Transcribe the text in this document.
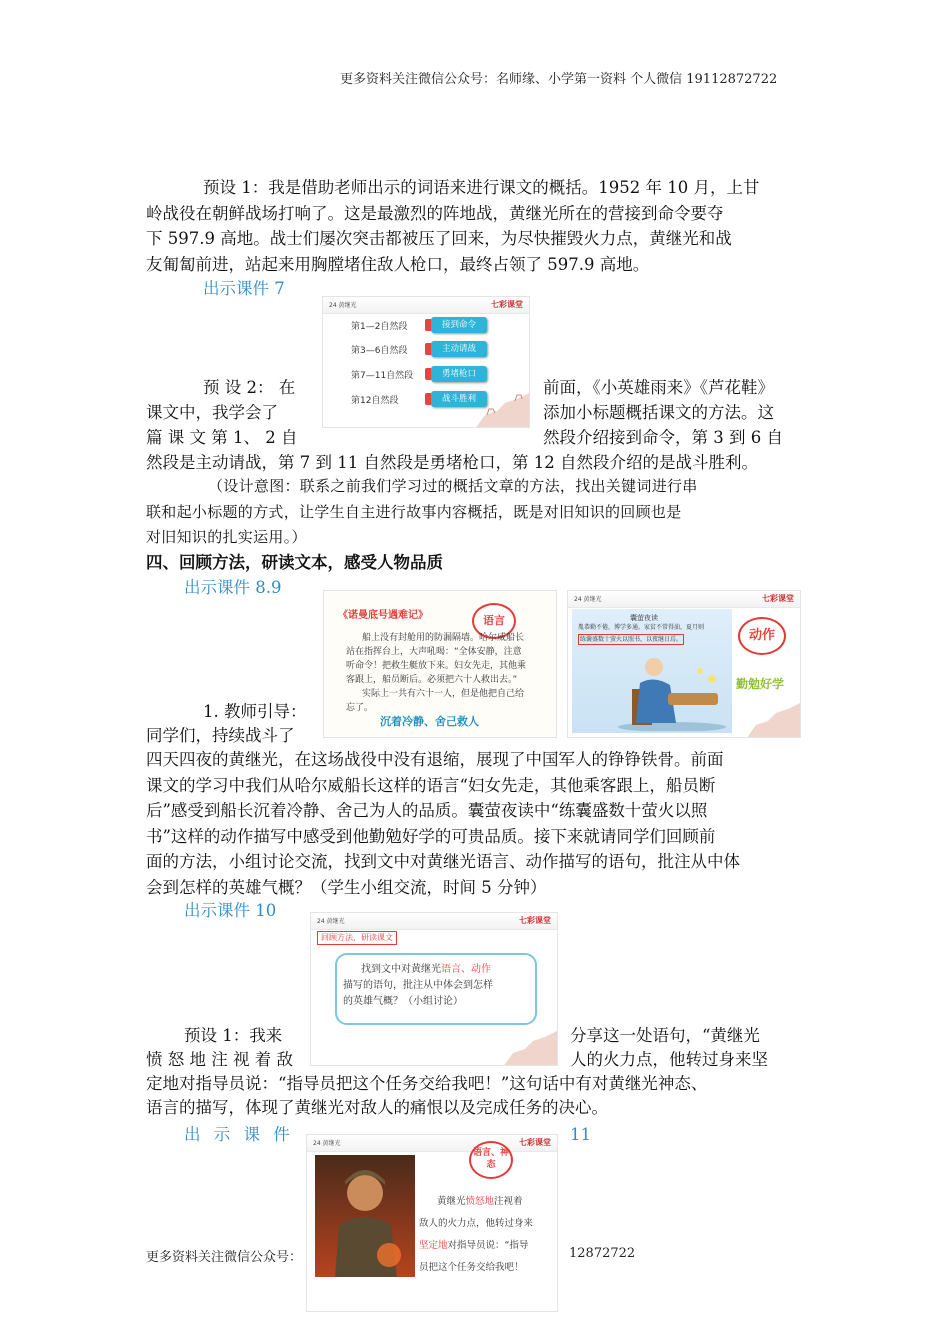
更多资料关注微信公众号：名师缘、小学第一资料 个人微信 19112872722
预设 1：我是借助老师出示的词语来进行课文的概括。1952 年 10 月，上甘
岭战役在朝鲜战场打响了。这是最激烈的阵地战，黄继光所在的营接到命令要夺
下 597.9 高地。战士们屡次突击都被压了回来，为尽快摧毁火力点，黄继光和战
友匍匐前进，站起来用胸膛堵住敌人枪口，最终占领了 597.9 高地。
出示课件 7
24 黄继光	七彩课堂
第1—2自然段	接到命令
第3—6自然段	主动请战
第7—11自然段	勇堵枪口
第12自然段	战斗胜利
预 设 2： 在	前面，《小英雄雨来》《芦花鞋》
课文中，我学会了	添加小标题概括课文的方法。这
篇 课 文 第 1、 2 自	然段介绍接到命令，第 3 到 6 自
然段是主动请战，第 7 到 11 自然段是勇堵枪口，第 12 自然段介绍的是战斗胜利。
（设计意图：联系之前我们学习过的概括文章的方法，找出关键词进行串
联和起小标题的方式，让学生自主进行故事内容概括，既是对旧知识的回顾也是
对旧知识的扎实运用。）
四、回顾方法，研读文本，感受人物品质
出示课件 8.9
《诺曼底号遇难记》	语言
船上没有封舱用的防漏隔墙。哈尔威船长
站在指挥台上，大声吼喝：“全体安静，注意
听命令！把救生艇放下来。妇女先走，其他乘
客跟上，船员断后。必须把六十人救出去。”
实际上一共有六十一人，但是他把自己给
忘了。
沉着冷静、舍己救人
24 黄继光	七彩课堂
囊萤夜读
胤恭勤不倦，博学多通。家贫不常得油，夏月则
练囊盛数十萤火以照书，以夜继日焉。	动作
勤勉好学
1. 教师引导：
同学们，持续战斗了
四天四夜的黄继光，在这场战役中没有退缩，展现了中国军人的铮铮铁骨。前面
课文的学习中我们从哈尔威船长这样的语言“妇女先走，其他乘客跟上，船员断
后”感受到船长沉着冷静、舍己为人的品质。囊萤夜读中“练囊盛数十萤火以照
书”这样的动作描写中感受到他勤勉好学的可贵品质。接下来就请同学们回顾前
面的方法，小组讨论交流，找到文中对黄继光语言、动作描写的语句，批注从中体
会到怎样的英雄气概？（学生小组交流，时间 5 分钟）
出示课件 10
24 黄继光	七彩课堂
回顾方法，研读课文
找到文中对黄继光语言、动作
描写的语句，批注从中体会到怎样
的英雄气概？（小组讨论）
预设 1：我来	分享这一处语句，“黄继光
愤 怒 地 注 视 着 敌	人的火力点，他转过身来坚
定地对指导员说：“指导员把这个任务交给我吧！”这句话中有对黄继光神态、
语言的描写，体现了黄继光对敌人的痛恨以及完成任务的决心。
出 示 课 件	11
24 黄继光	七彩课堂
语言、神态
黄继光愤怒地注视着
敌人的火力点，他转过身来
坚定地对指导员说：“指导
员把这个任务交给我吧！
更多资料关注微信公众号：	12872722
